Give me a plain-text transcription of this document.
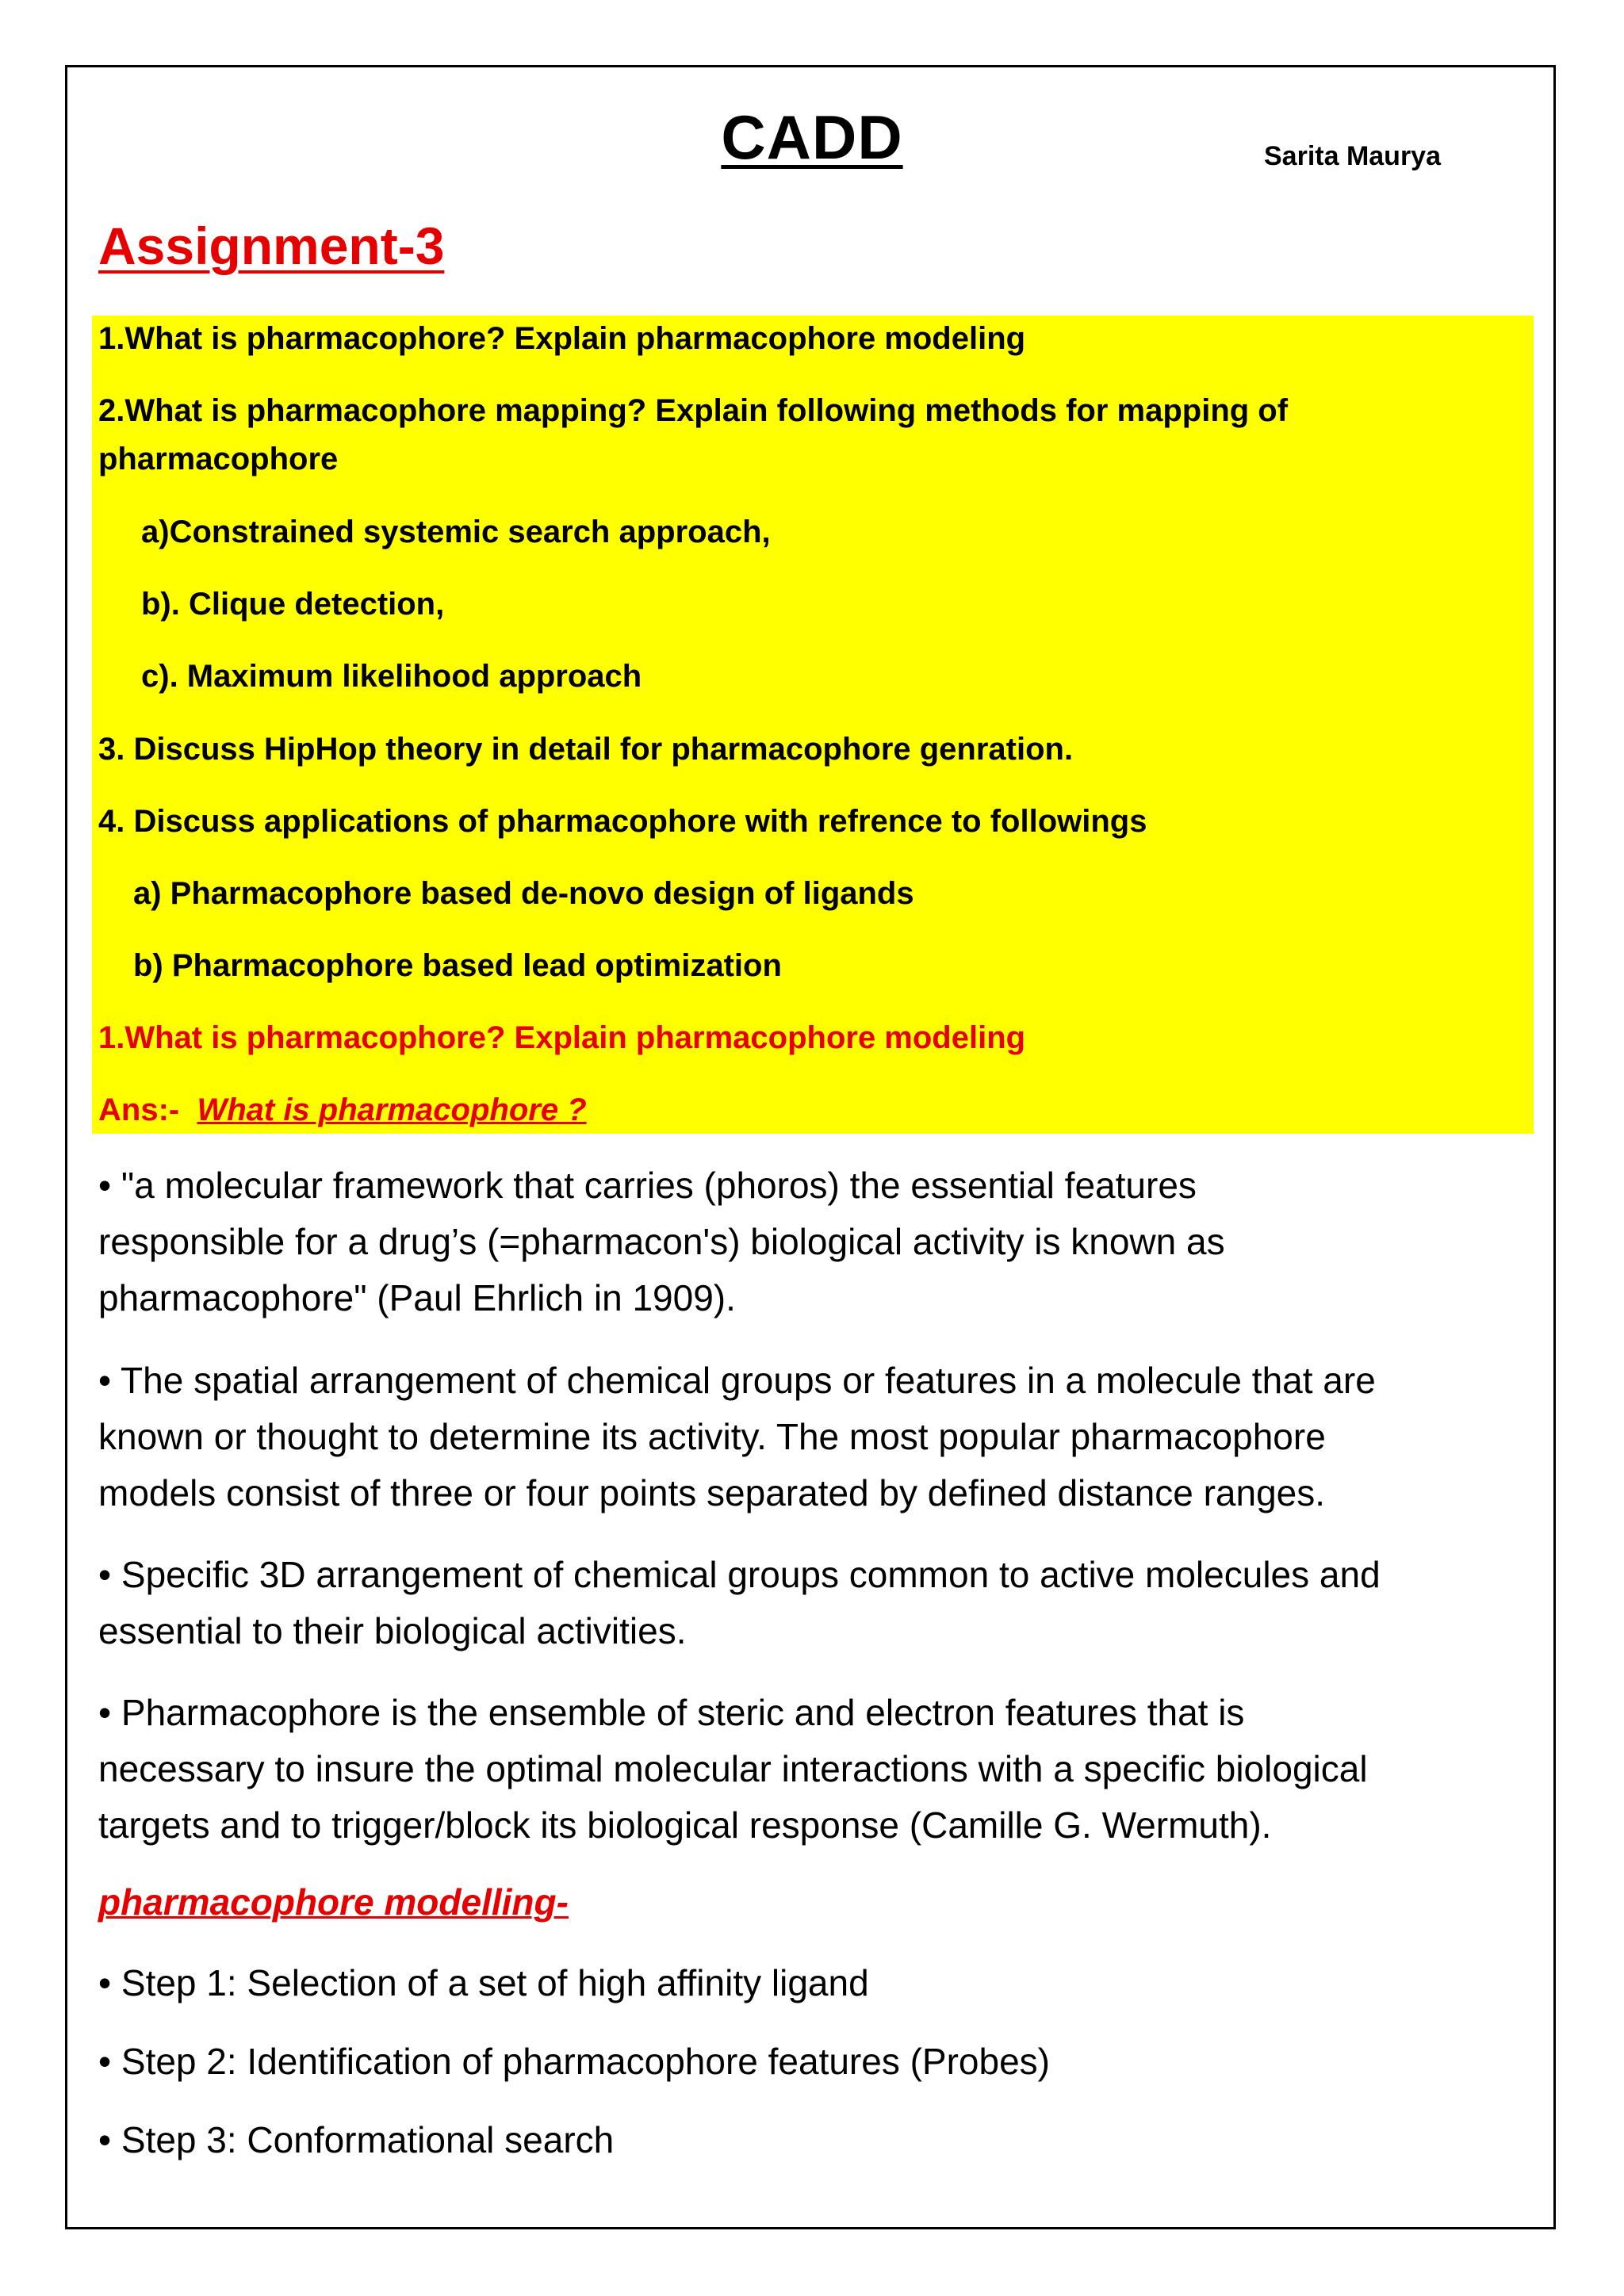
CADD	Sarita Maurya
Assignment-3
1.What is pharmacophore? Explain pharmacophore modeling
2.What is pharmacophore mapping? Explain following methods for mapping of
pharmacophore
a)Constrained systemic search approach,
b). Clique detection,
c). Maximum likelihood approach
3. Discuss HipHop theory in detail for pharmacophore genration.
4. Discuss applications of pharmacophore with refrence to followings
a) Pharmacophore based de-novo design of ligands
b) Pharmacophore based lead optimization
1.What is pharmacophore? Explain pharmacophore modeling
Ans:- What is pharmacophore ?
• "a molecular framework that carries (phoros) the essential features
responsible for a drug’s (=pharmacon's) biological activity is known as
pharmacophore" (Paul Ehrlich in 1909).
• The spatial arrangement of chemical groups or features in a molecule that are
known or thought to determine its activity. The most popular pharmacophore
models consist of three or four points separated by defined distance ranges.
• Specific 3D arrangement of chemical groups common to active molecules and
essential to their biological activities.
• Pharmacophore is the ensemble of steric and electron features that is
necessary to insure the optimal molecular interactions with a specific biological
targets and to trigger/block its biological response (Camille G. Wermuth).
pharmacophore modelling-
• Step 1: Selection of a set of high affinity ligand
• Step 2: Identification of pharmacophore features (Probes)
• Step 3: Conformational search
